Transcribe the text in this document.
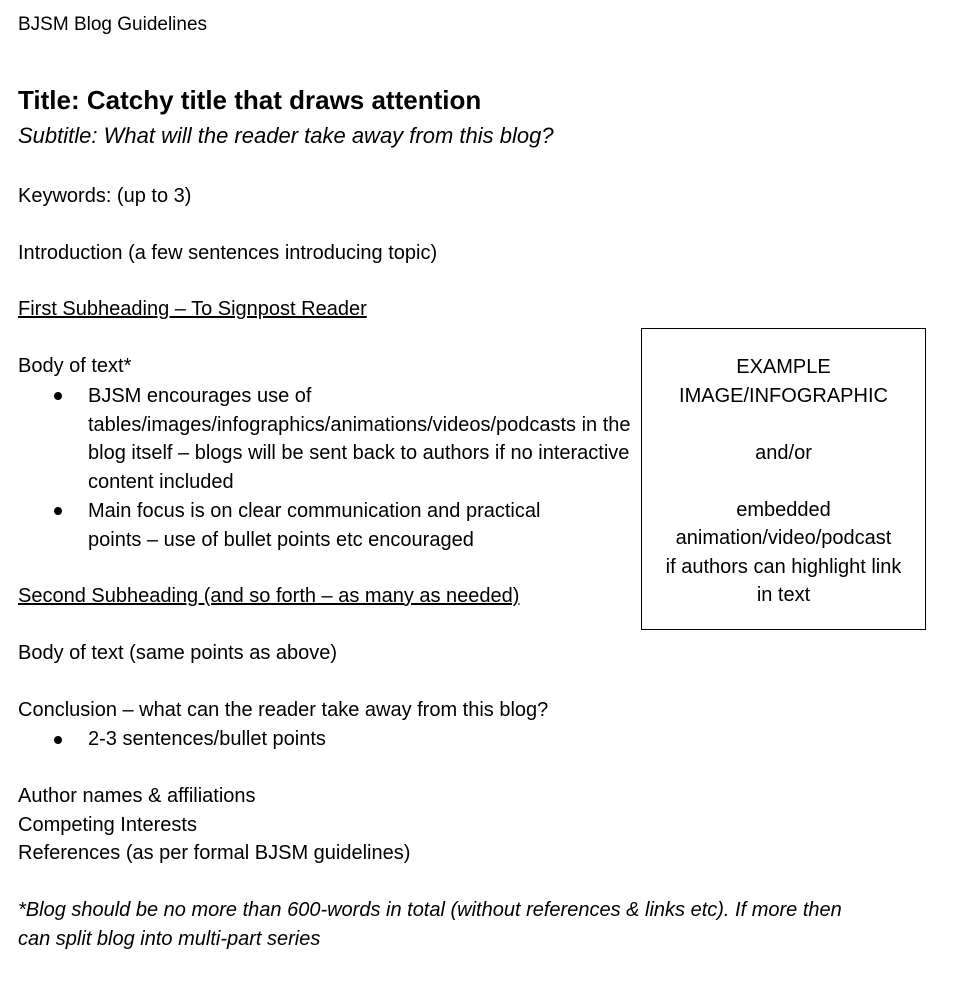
BJSM Blog Guidelines
Title: Catchy title that draws attention
Subtitle: What will the reader take away from this blog?
Keywords: (up to 3)
Introduction (a few sentences introducing topic)
First Subheading – To Signpost Reader
Body of text*
BJSM encourages use of tables/images/infographics/animations/videos/podcasts in the blog itself – blogs will be sent back to authors if no interactive content included
Main focus is on clear communication and practical points – use of bullet points etc encouraged
Second Subheading (and so forth – as many as needed)
Body of text (same points as above)
Conclusion – what can the reader take away from this blog?
2-3 sentences/bullet points
Author names & affiliations
Competing Interests
References (as per formal BJSM guidelines)
*Blog should be no more than 600-words in total (without references & links etc). If more then can split blog into multi-part series
EXAMPLE
IMAGE/INFOGRAPHIC
and/or
embedded
animation/video/podcast
if authors can highlight link
in text
